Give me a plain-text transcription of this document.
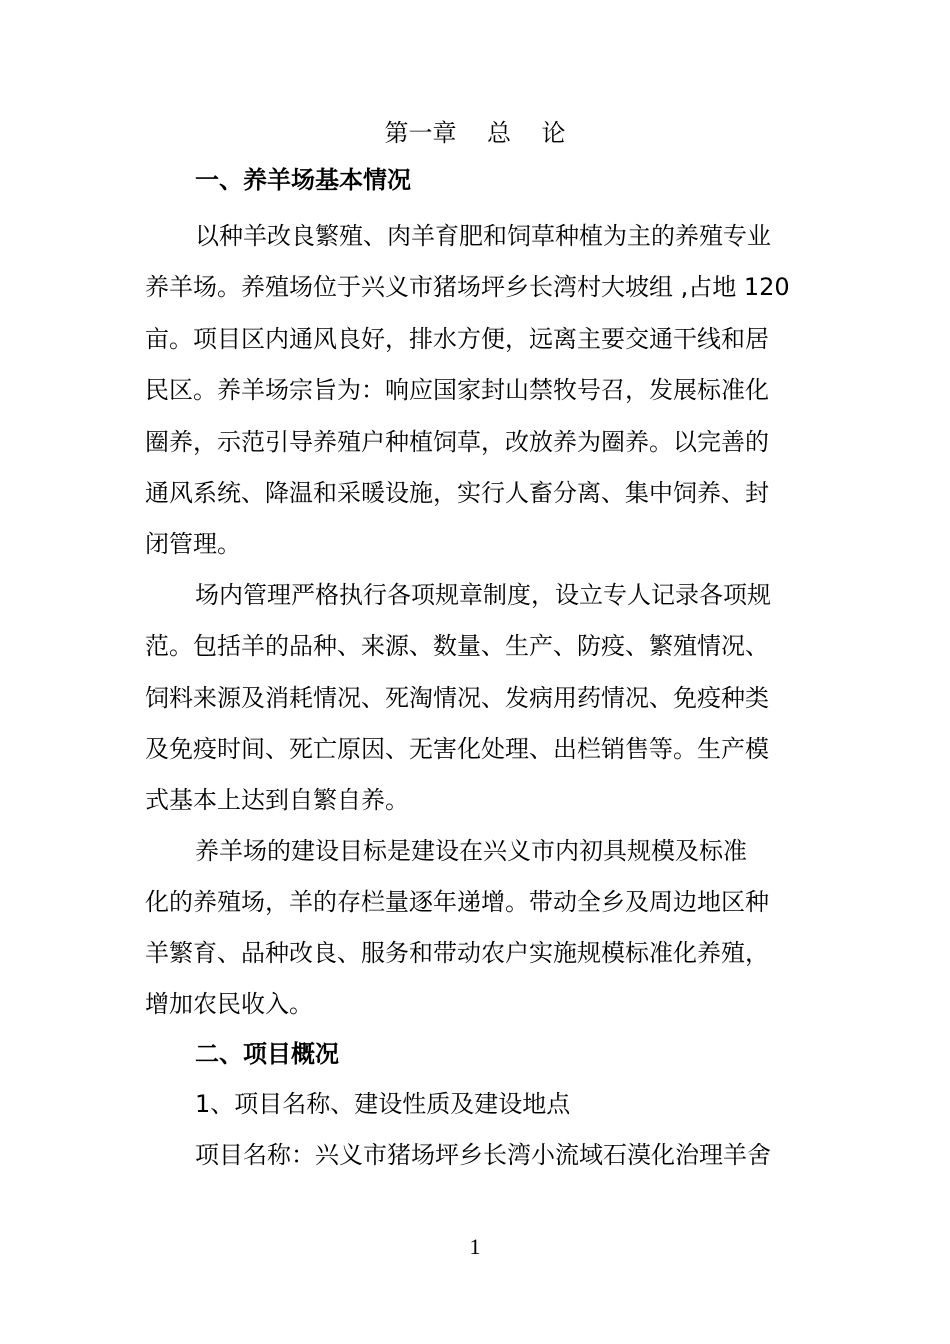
第一章    总    论
一、养羊场基本情况
以种羊改良繁殖、肉羊育肥和饲草种植为主的养殖专业
养羊场。养殖场位于兴义市猪场坪乡长湾村大坡组 ,占地 120
亩。项目区内通风良好，排水方便，远离主要交通干线和居
民区。养羊场宗旨为：响应国家封山禁牧号召，发展标准化
圈养，示范引导养殖户种植饲草，改放养为圈养。以完善的
通风系统、降温和采暖设施，实行人畜分离、集中饲养、封
闭管理。
场内管理严格执行各项规章制度，设立专人记录各项规
范。包括羊的品种、来源、数量、生产、防疫、繁殖情况、
饲料来源及消耗情况、死淘情况、发病用药情况、免疫种类
及免疫时间、死亡原因、无害化处理、出栏销售等。生产模
式基本上达到自繁自养。
养羊场的建设目标是建设在兴义市内初具规模及标准
化的养殖场，羊的存栏量逐年递增。带动全乡及周边地区种
羊繁育、品种改良、服务和带动农户实施规模标准化养殖，
增加农民收入。
二、项目概况
1、项目名称、建设性质及建设地点
项目名称：兴义市猪场坪乡长湾小流域石漠化治理羊舍
1
